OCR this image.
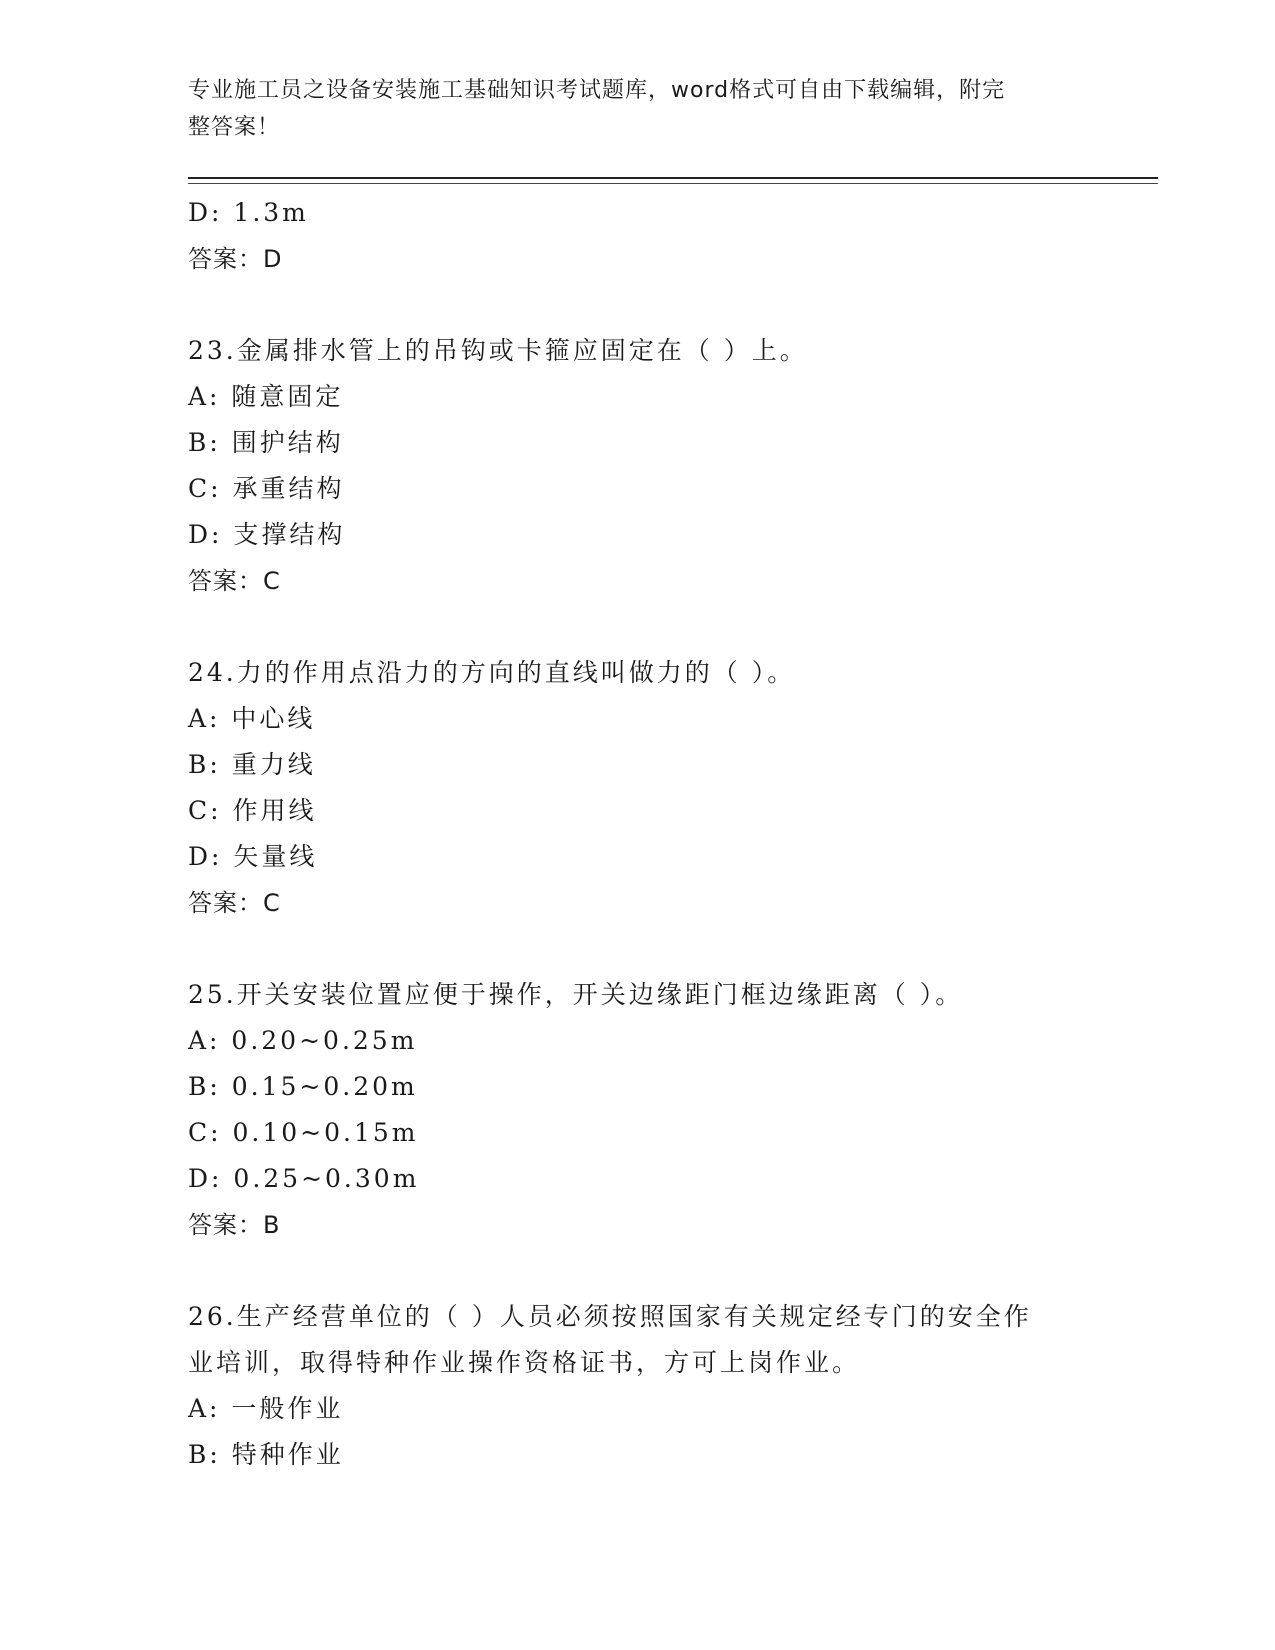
专业施工员之设备安装施工基础知识考试题库，word格式可自由下载编辑，附完
整答案！
D: 1.3m
答案：D
23.金属排水管上的吊钩或卡箍应固定在（ ）上。
A: 随意固定
B: 围护结构
C: 承重结构
D: 支撑结构
答案：C
24.力的作用点沿力的方向的直线叫做力的（ ）。
A: 中心线
B: 重力线
C: 作用线
D: 矢量线
答案：C
25.开关安装位置应便于操作，开关边缘距门框边缘距离（ ）。
A: 0.20~0.25m
B: 0.15~0.20m
C: 0.10~0.15m
D: 0.25~0.30m
答案：B
26.生产经营单位的（ ）人员必须按照国家有关规定经专门的安全作
业培训，取得特种作业操作资格证书，方可上岗作业。
A: 一般作业
B: 特种作业
